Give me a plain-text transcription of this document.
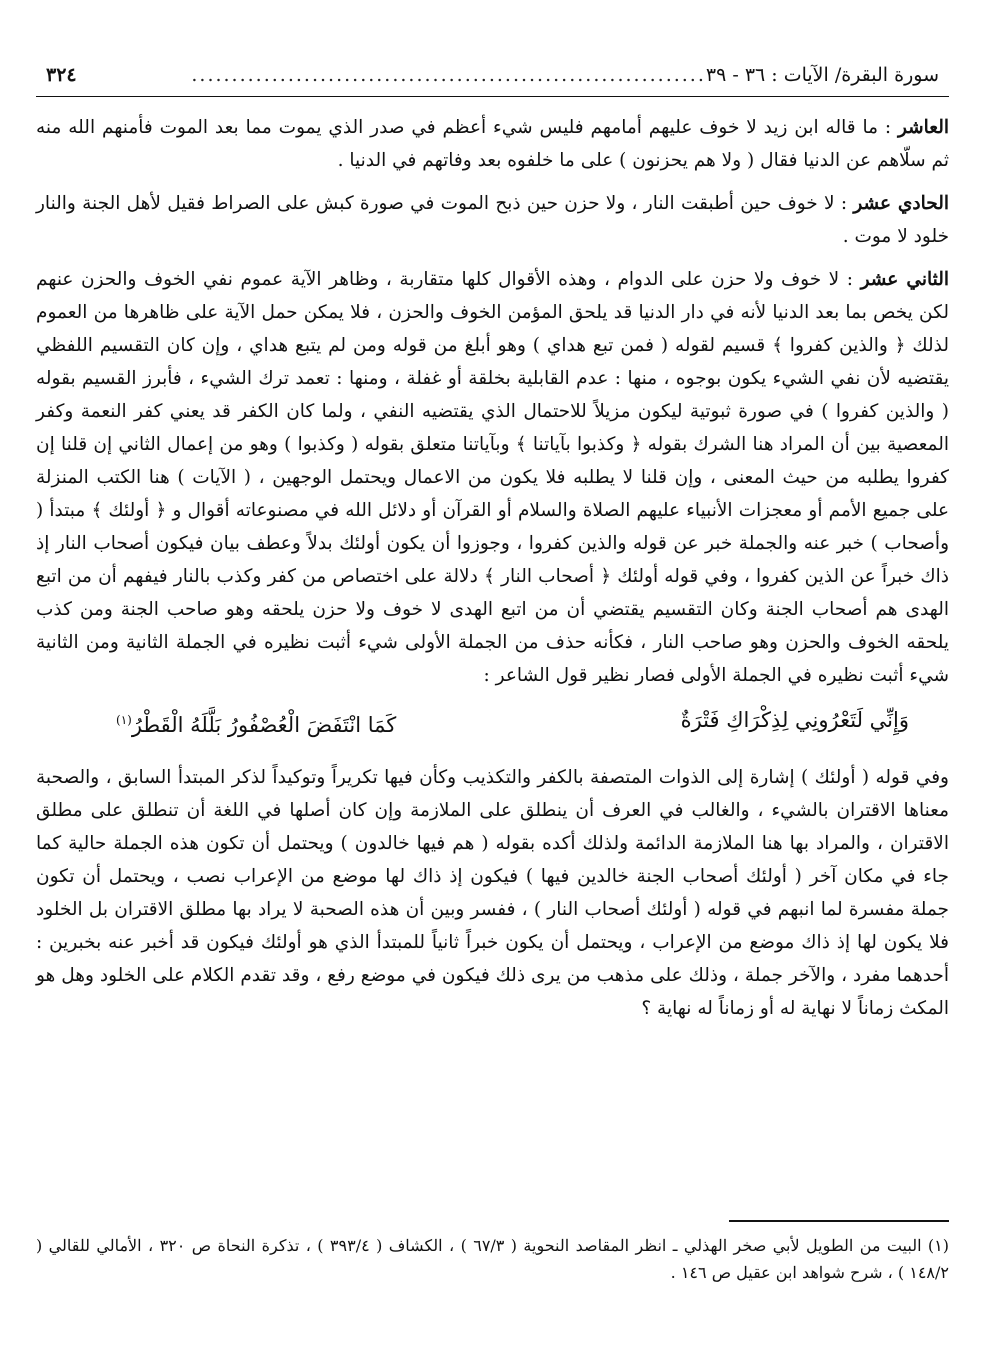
سورة البقرة/ الآيات : ٣٦ - ٣٩
................................................................
٣٢٤

العاشر : ما قاله ابن زيد لا خوف عليهم أمامهم فليس شيء أعظم في صدر الذي يموت مما بعد الموت فأمنهم الله منه ثم سلّاهم عن الدنيا فقال ( ولا هم يحزنون ) على ما خلفوه بعد وفاتهم في الدنيا .

الحادي عشر : لا خوف حين أطبقت النار ، ولا حزن حين ذبح الموت في صورة كبش على الصراط فقيل لأهل الجنة والنار خلود لا موت .

الثاني عشر : لا خوف ولا حزن على الدوام ، وهذه الأقوال كلها متقاربة ، وظاهر الآية عموم نفي الخوف والحزن عنهم لكن يخص بما بعد الدنيا لأنه في دار الدنيا قد يلحق المؤمن الخوف والحزن ، فلا يمكن حمل الآية على ظاهرها من العموم لذلك ﴿ والذين كفروا ﴾ قسيم لقوله ( فمن تبع هداي ) وهو أبلغ من قوله ومن لم يتبع هداي ، وإن كان التقسيم اللفظي يقتضيه لأن نفي الشيء يكون بوجوه ، منها : عدم القابلية بخلقة أو غفلة ، ومنها : تعمد ترك الشيء ، فأبرز القسيم بقوله ( والذين كفروا ) في صورة ثبوتية ليكون مزيلاً للاحتمال الذي يقتضيه النفي ، ولما كان الكفر قد يعني كفر النعمة وكفر المعصية بين أن المراد هنا الشرك بقوله ﴿ وكذبوا بآياتنا ﴾ وبآياتنا متعلق بقوله ( وكذبوا ) وهو من إعمال الثاني إن قلنا إن كفروا يطلبه من حيث المعنى ، وإن قلنا لا يطلبه فلا يكون من الاعمال ويحتمل الوجهين ، ( الآيات ) هنا الكتب المنزلة على جميع الأمم أو معجزات الأنبياء عليهم الصلاة والسلام أو القرآن أو دلائل الله في مصنوعاته أقوال و ﴿ أولئك ﴾ مبتدأ ( وأصحاب ) خبر عنه والجملة خبر عن قوله والذين كفروا ، وجوزوا أن يكون أولئك بدلاً وعطف بيان فيكون أصحاب النار إذ ذاك خبراً عن الذين كفروا ، وفي قوله أولئك ﴿ أصحاب النار ﴾ دلالة على اختصاص من كفر وكذب بالنار فيفهم أن من اتبع الهدى هم أصحاب الجنة وكان التقسيم يقتضي أن من اتبع الهدى لا خوف ولا حزن يلحقه وهو صاحب الجنة ومن كذب يلحقه الخوف والحزن وهو صاحب النار ، فكأنه حذف من الجملة الأولى شيء أثبت نظيره في الجملة الثانية ومن الثانية شيء أثبت نظيره في الجملة الأولى فصار نظير قول الشاعر :

وَإِنِّي لَتَعْرُونِي لِذِكْرَاكِ فَتْرَةٌ
كَمَا انْتَفَضَ الْعُصْفُورُ بَلَّلَهُ الْقَطْرُ$^{(١)}$

وفي قوله ( أولئك ) إشارة إلى الذوات المتصفة بالكفر والتكذيب وكأن فيها تكريراً وتوكيداً لذكر المبتدأ السابق ، والصحبة معناها الاقتران بالشيء ، والغالب في العرف أن ينطلق على الملازمة وإن كان أصلها في اللغة أن تنطلق على مطلق الاقتران ، والمراد بها هنا الملازمة الدائمة ولذلك أكده بقوله ( هم فيها خالدون ) ويحتمل أن تكون هذه الجملة حالية كما جاء في مكان آخر ( أولئك أصحاب الجنة خالدين فيها ) فيكون إذ ذاك لها موضع من الإعراب نصب ، ويحتمل أن تكون جملة مفسرة لما انبهم في قوله ( أولئك أصحاب النار ) ، ففسر وبين أن هذه الصحبة لا يراد بها مطلق الاقتران بل الخلود فلا يكون لها إذ ذاك موضع من الإعراب ، ويحتمل أن يكون خبراً ثانياً للمبتدأ الذي هو أولئك فيكون قد أخبر عنه بخبرين : أحدهما مفرد ، والآخر جملة ، وذلك على مذهب من يرى ذلك فيكون في موضع رفع ، وقد تقدم الكلام على الخلود وهل هو المكث زماناً لا نهاية له أو زماناً له نهاية ؟

(١) البيت من الطويل لأبي صخر الهذلي ـ انظر المقاصد النحوية ( ٦٧/٣ ) ، الكشاف ( ٣٩٣/٤ ) ، تذكرة النحاة ص ٣٢٠ ، الأمالي للقالي ( ١٤٨/٢ ) ، شرح شواهد ابن عقيل ص ١٤٦ .
